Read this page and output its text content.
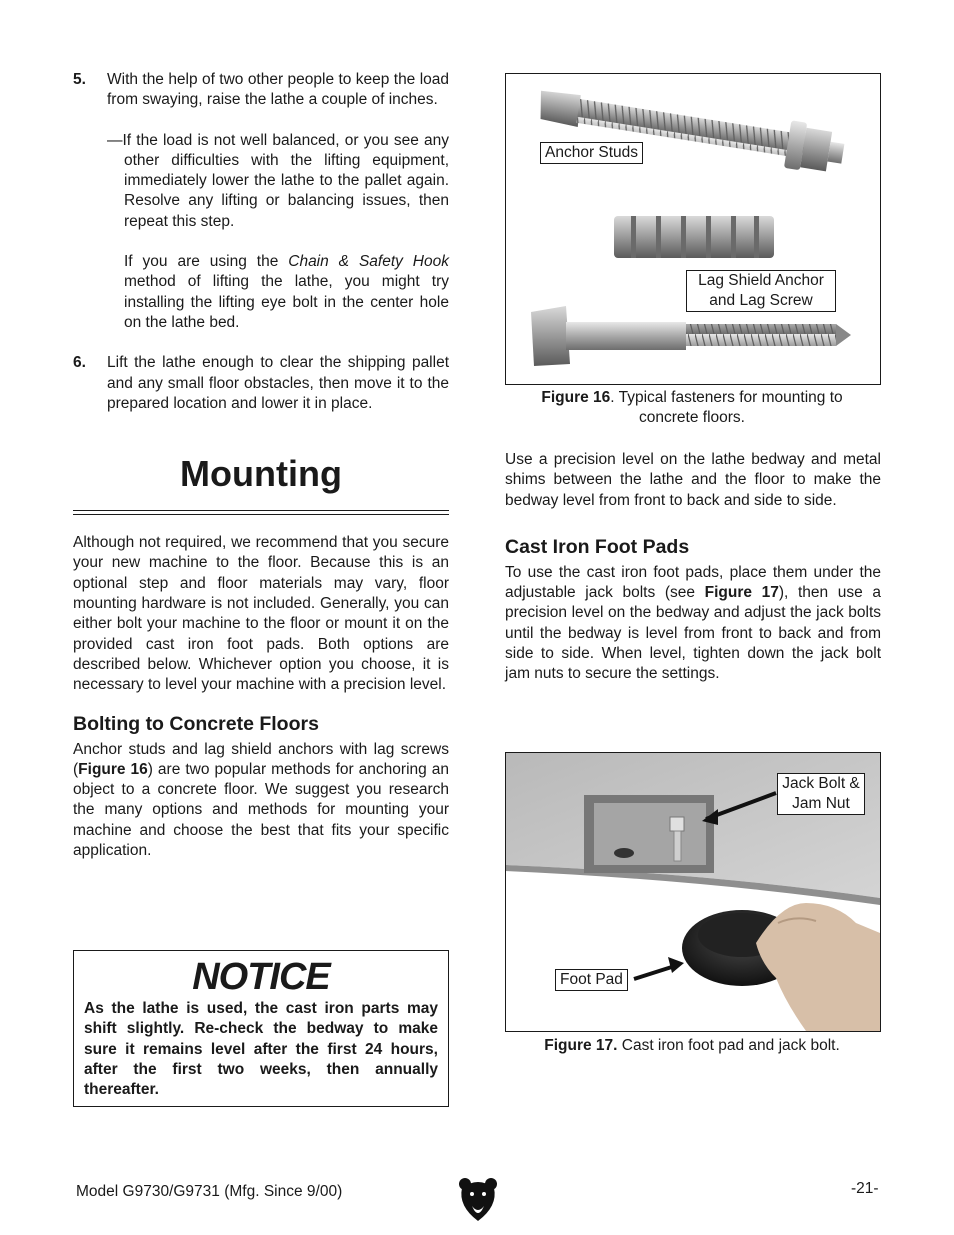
5. With the help of two other people to keep the load from swaying, raise the lathe a couple of inches.

—If the load is not well balanced, or you see any other difficulties with the lifting equipment, immediately lower the lathe to the pallet again. Resolve any lifting or balancing issues, then repeat this step.

If you are using the Chain & Safety Hook method of lifting the lathe, you might try installing the lifting eye bolt in the center hole on the lathe bed.

6. Lift the lathe enough to clear the shipping pallet and any small floor obstacles, then move it to the prepared location and lower it in place.

Mounting

Although not required, we recommend that you secure your new machine to the floor. Because this is an optional step and floor materials may vary, floor mounting hardware is not included. Generally, you can either bolt your machine to the floor or mount it on the provided cast iron foot pads. Both options are described below. Whichever option you choose, it is necessary to level your machine with a precision level.

Bolting to Concrete Floors

Anchor studs and lag shield anchors with lag screws (Figure 16) are two popular methods for anchoring an object to a concrete floor. We suggest you research the many options and methods for mounting your machine and choose the best that fits your specific application.

NOTICE
As the lathe is used, the cast iron parts may shift slightly. Re-check the bedway to make sure it remains level after the first 24 hours, after the first two weeks, then annually thereafter.
Anchor Studs
Lag Shield Anchor and Lag Screw
Figure 16. Typical fasteners for mounting to concrete floors.

Use a precision level on the lathe bedway and metal shims between the lathe and the floor to make the bedway level from front to back and side to side.

Cast Iron Foot Pads

To use the cast iron foot pads, place them under the adjustable jack bolts (see Figure 17), then use a precision level on the bedway and adjust the jack bolts until the bedway is level from front to back and from side to side. When level, tighten down the jack bolt jam nuts to secure the settings.

Jack Bolt & Jam Nut
Foot Pad
Figure 17. Cast iron foot pad and jack bolt.
Model G9730/G9731 (Mfg. Since 9/00)	-21-
